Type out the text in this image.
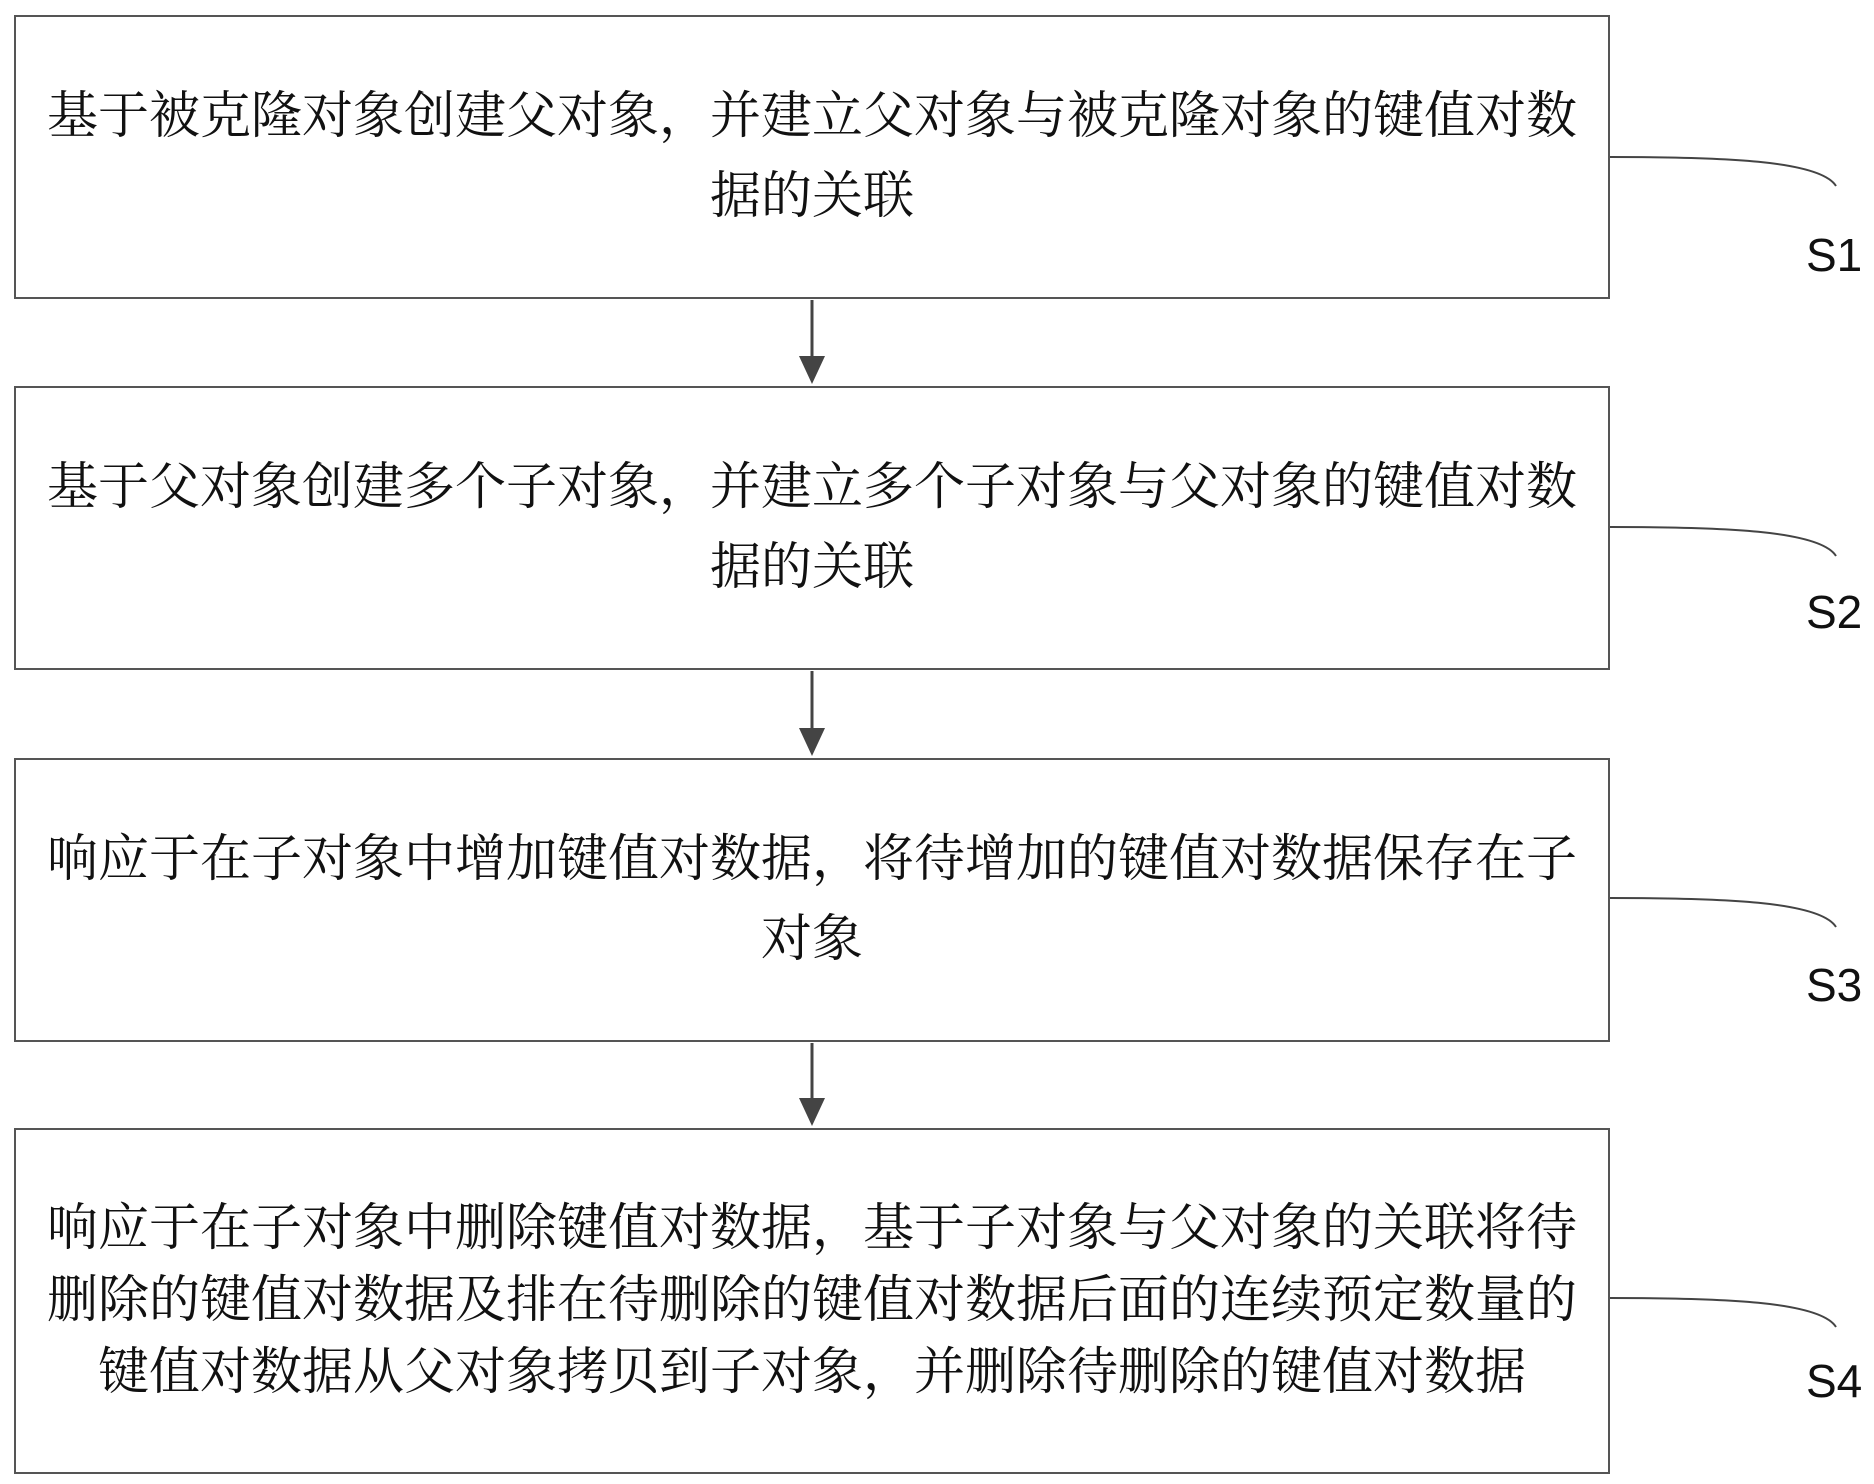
基于被克隆对象创建父对象，并建立父对象与被克隆对象的键值对数据的关联

S1

基于父对象创建多个子对象，并建立多个子对象与父对象的键值对数据的关联

S2

响应于在子对象中增加键值对数据，将待增加的键值对数据保存在子对象

S3

响应于在子对象中删除键值对数据，基于子对象与父对象的关联将待删除的键值对数据及排在待删除的键值对数据后面的连续预定数量的键值对数据从父对象拷贝到子对象，并删除待删除的键值对数据	S4
